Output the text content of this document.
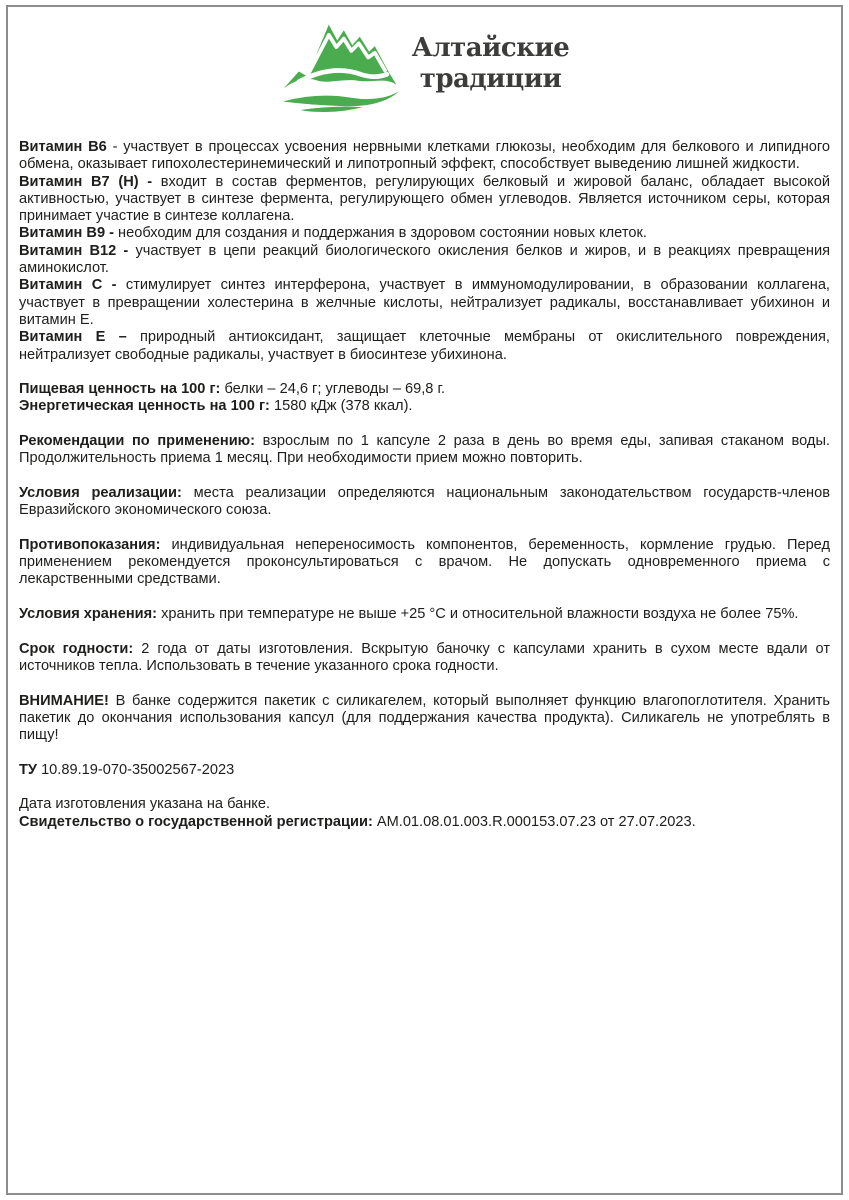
Алтайские
традиции

Витамин В6 - участвует в процессах усвоения нервными клетками глюкозы, необходим для белкового и липидного обмена, оказывает гипохолестеринемический и липотропный эффект, способствует выведению лишней жидкости.

Витамин В7 (Н) - входит в состав ферментов, регулирующих белковый и жировой баланс, обладает высокой активностью, участвует в синтезе фермента, регулирующего обмен углеводов. Является источником серы, которая принимает участие в синтезе коллагена.

Витамин В9 - необходим для создания и поддержания в здоровом состоянии новых клеток.

Витамин В12 - участвует в цепи реакций биологического окисления белков и жиров, и в реакциях превращения аминокислот.

Витамин С - стимулирует синтез интерферона, участвует в иммуномодулировании, в образовании коллагена, участвует в превращении холестерина в желчные кислоты, нейтрализует радикалы, восстанавливает убихинон и витамин Е.

Витамин Е – природный антиоксидант, защищает клеточные мембраны от окислительного повреждения, нейтрализует свободные радикалы, участвует в биосинтезе убихинона.

Пищевая ценность на 100 г: белки – 24,6 г; углеводы – 69,8 г.

Энергетическая ценность на 100 г: 1580 кДж (378 ккал).

Рекомендации по применению: взрослым по 1 капсуле 2 раза в день во время еды, запивая стаканом воды. Продолжительность приема 1 месяц. При необходимости прием можно повторить.

Условия реализации: места реализации определяются национальным законодательством государств-членов Евразийского экономического союза.

Противопоказания: индивидуальная непереносимость компонентов, беременность, кормление грудью. Перед применением рекомендуется проконсультироваться с врачом. Не допускать одновременного приема с лекарственными средствами.

Условия хранения: хранить при температуре не выше +25 °С и относительной влажности воздуха не более 75%.

Срок годности: 2 года от даты изготовления. Вскрытую баночку с капсулами хранить в сухом месте вдали от источников тепла. Использовать в течение указанного срока годности.

ВНИМАНИЕ! В банке содержится пакетик с силикагелем, который выполняет функцию влагопоглотителя. Хранить пакетик до окончания использования капсул (для поддержания качества продукта). Силикагель не употреблять в пищу!

ТУ 10.89.19-070-35002567-2023

Дата изготовления указана на банке.

Свидетельство о государственной регистрации: AM.01.08.01.003.R.000153.07.23 от 27.07.2023.
